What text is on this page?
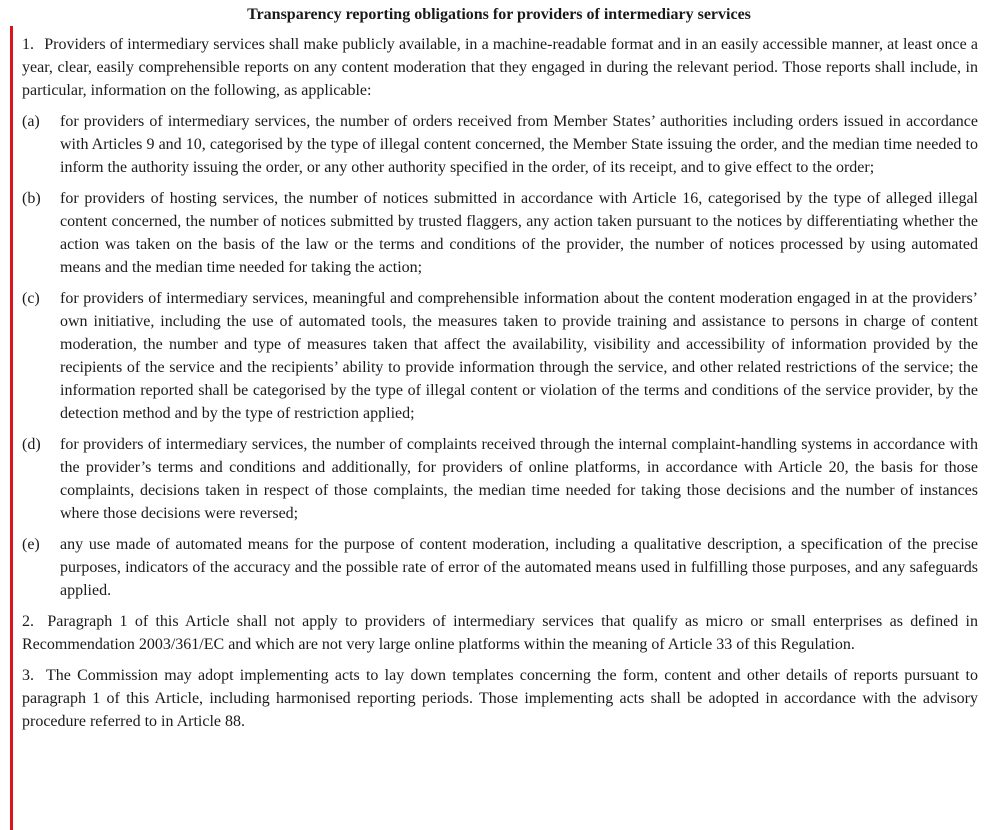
Transparency reporting obligations for providers of intermediary services
1. Providers of intermediary services shall make publicly available, in a machine-readable format and in an easily accessible manner, at least once a year, clear, easily comprehensible reports on any content moderation that they engaged in during the relevant period. Those reports shall include, in particular, information on the following, as applicable:
(a)	for providers of intermediary services, the number of orders received from Member States’ authorities including orders issued in accordance with Articles 9 and 10, categorised by the type of illegal content concerned, the Member State issuing the order, and the median time needed to inform the authority issuing the order, or any other authority specified in the order, of its receipt, and to give effect to the order;
(b)	for providers of hosting services, the number of notices submitted in accordance with Article 16, categorised by the type of alleged illegal content concerned, the number of notices submitted by trusted flaggers, any action taken pursuant to the notices by differentiating whether the action was taken on the basis of the law or the terms and conditions of the provider, the number of notices processed by using automated means and the median time needed for taking the action;
(c)	for providers of intermediary services, meaningful and comprehensible information about the content moderation engaged in at the providers’ own initiative, including the use of automated tools, the measures taken to provide training and assistance to persons in charge of content moderation, the number and type of measures taken that affect the availability, visibility and accessibility of information provided by the recipients of the service and the recipients’ ability to provide information through the service, and other related restrictions of the service; the information reported shall be categorised by the type of illegal content or violation of the terms and conditions of the service provider, by the detection method and by the type of restriction applied;
(d)	for providers of intermediary services, the number of complaints received through the internal complaint-handling systems in accordance with the provider’s terms and conditions and additionally, for providers of online platforms, in accordance with Article 20, the basis for those complaints, decisions taken in respect of those complaints, the median time needed for taking those decisions and the number of instances where those decisions were reversed;
(e)	any use made of automated means for the purpose of content moderation, including a qualitative description, a specification of the precise purposes, indicators of the accuracy and the possible rate of error of the automated means used in fulfilling those purposes, and any safeguards applied.
2. Paragraph 1 of this Article shall not apply to providers of intermediary services that qualify as micro or small enterprises as defined in Recommendation 2003/361/EC and which are not very large online platforms within the meaning of Article 33 of this Regulation.
3. The Commission may adopt implementing acts to lay down templates concerning the form, content and other details of reports pursuant to paragraph 1 of this Article, including harmonised reporting periods. Those implementing acts shall be adopted in accordance with the advisory procedure referred to in Article 88.
